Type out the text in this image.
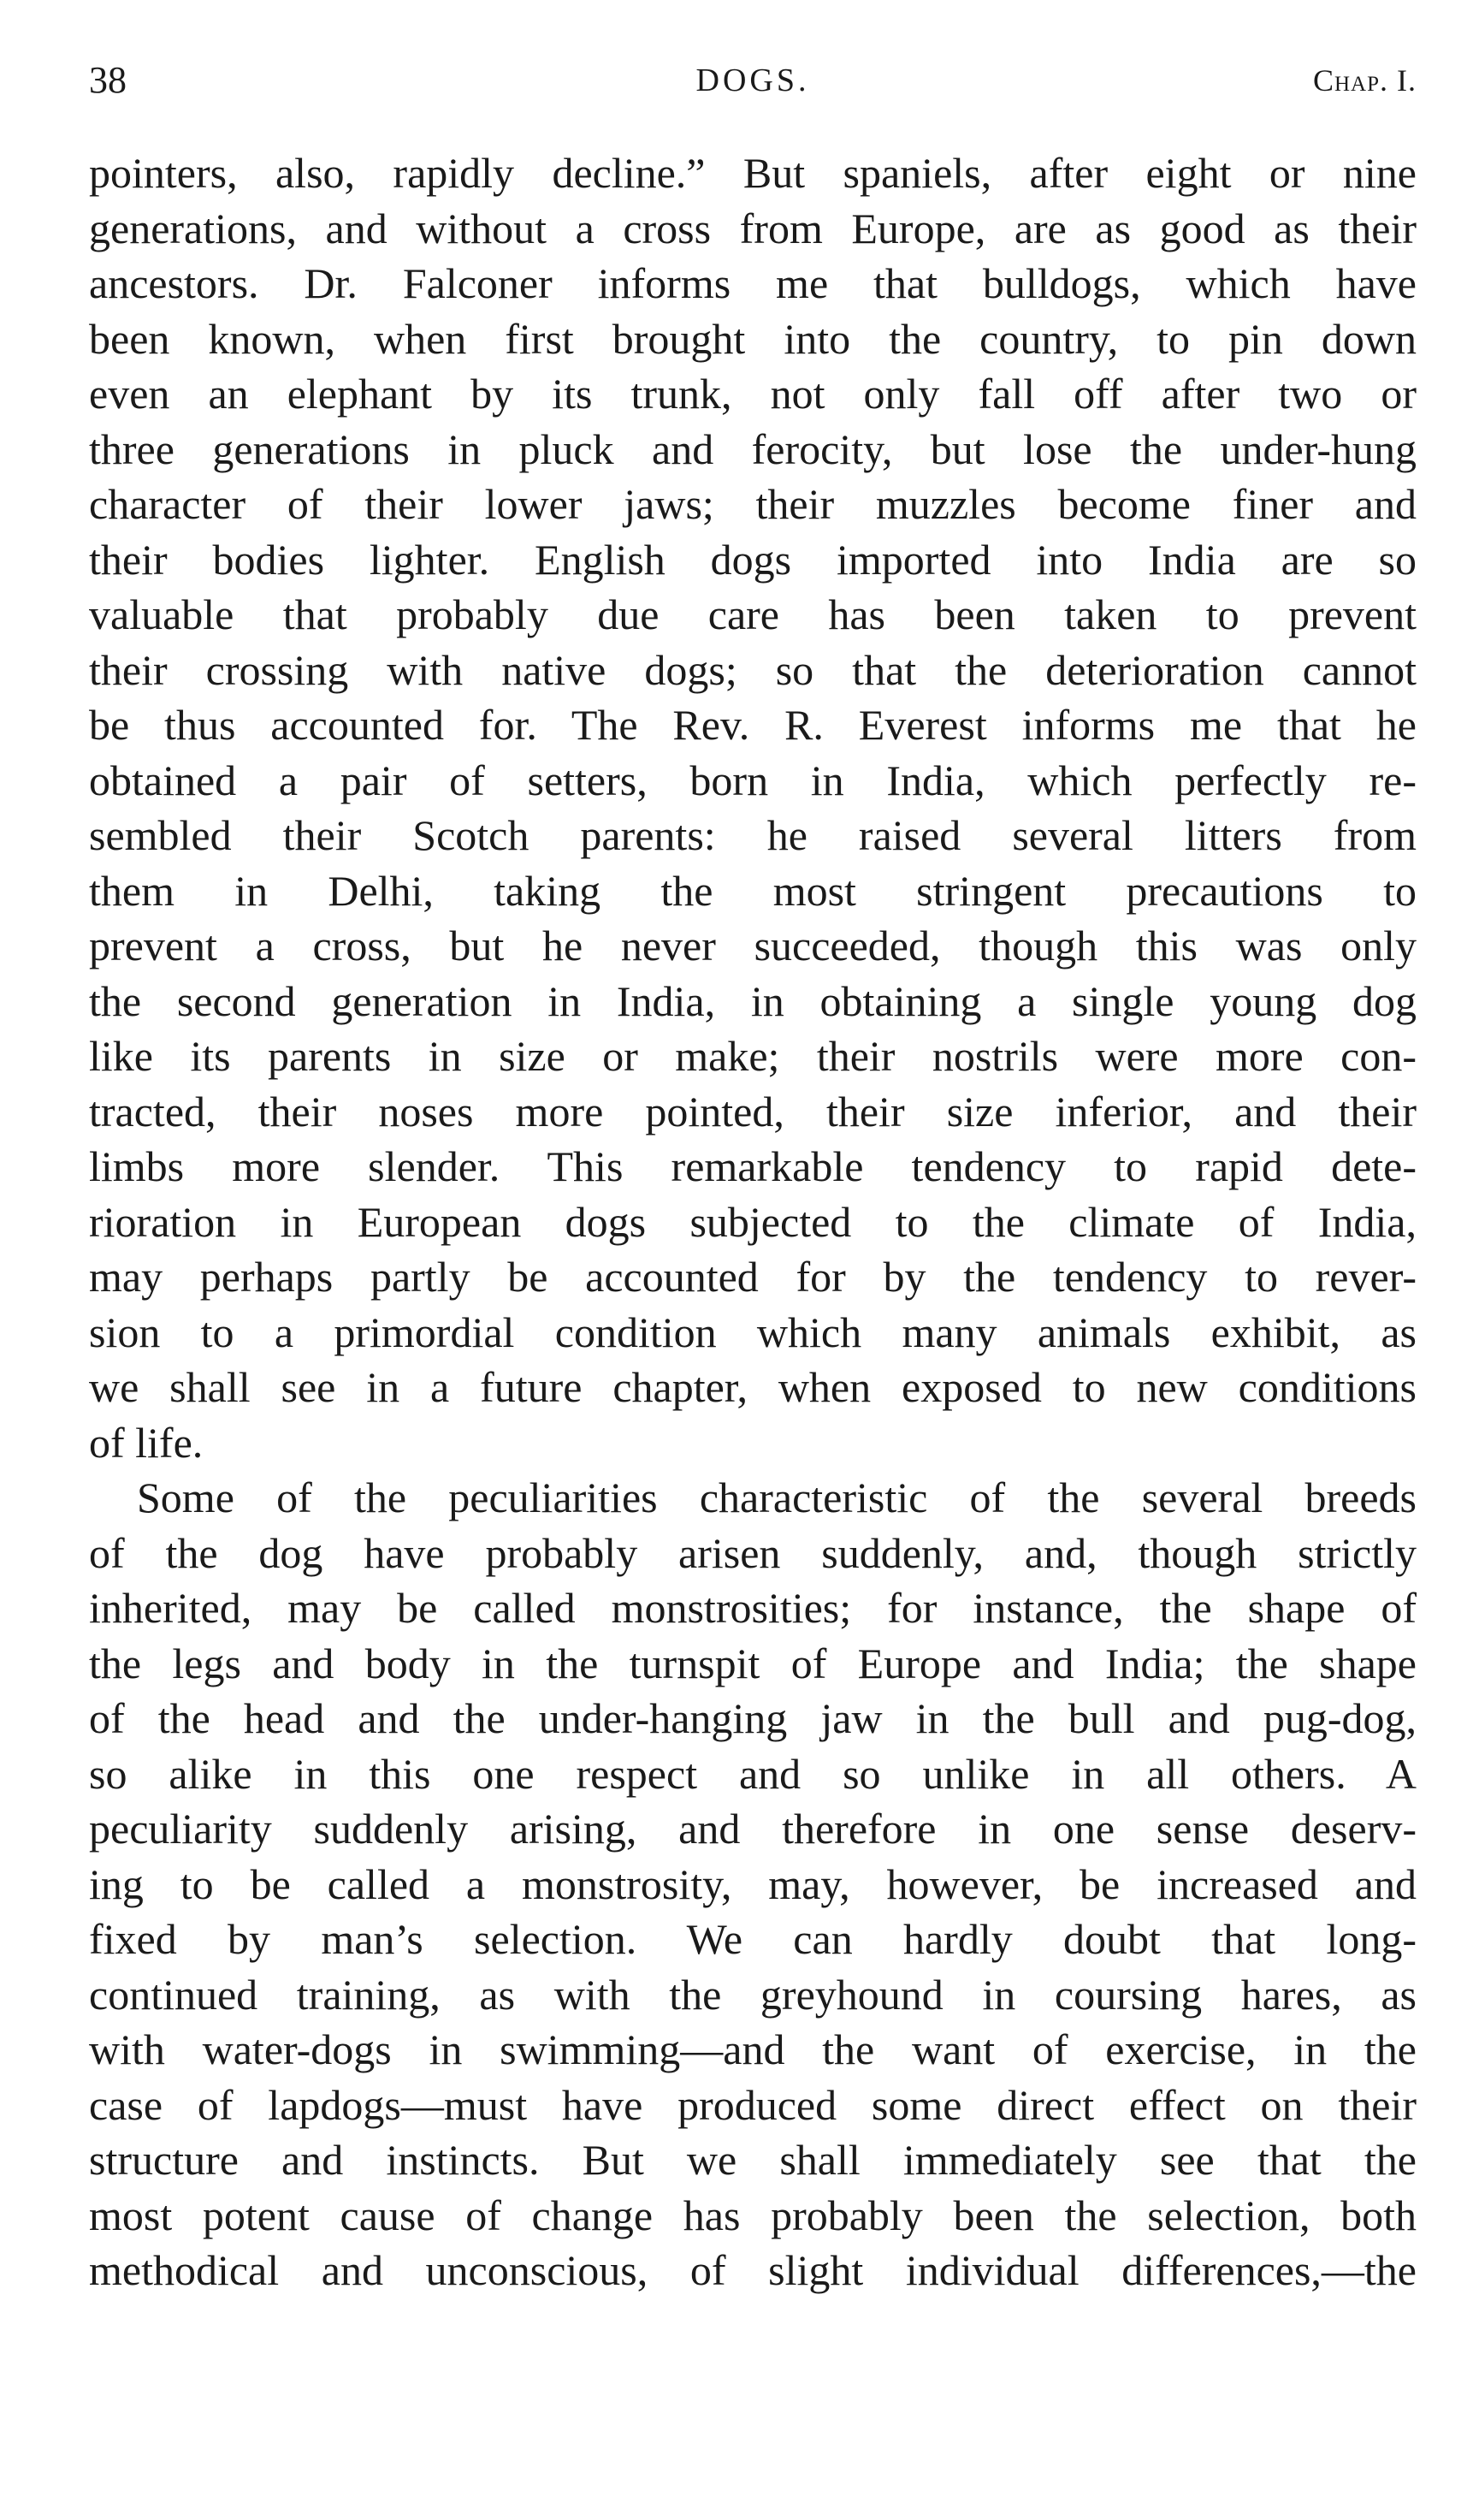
38	DOGS.	Chap. I.
pointers, also, rapidly decline.” But spaniels, after eight or nine
generations, and without a cross from Europe, are as good as their
ancestors. Dr. Falconer informs me that bulldogs, which have
been known, when first brought into the country, to pin down
even an elephant by its trunk, not only fall off after two or
three generations in pluck and ferocity, but lose the under-hung
character of their lower jaws; their muzzles become finer and
their bodies lighter. English dogs imported into India are so
valuable that probably due care has been taken to prevent
their crossing with native dogs; so that the deterioration cannot
be thus accounted for. The Rev. R. Everest informs me that he
obtained a pair of setters, born in India, which perfectly re-
sembled their Scotch parents: he raised several litters from
them in Delhi, taking the most stringent precautions to
prevent a cross, but he never succeeded, though this was only
the second generation in India, in obtaining a single young dog
like its parents in size or make; their nostrils were more con-
tracted, their noses more pointed, their size inferior, and their
limbs more slender. This remarkable tendency to rapid dete-
rioration in European dogs subjected to the climate of India,
may perhaps partly be accounted for by the tendency to rever-
sion to a primordial condition which many animals exhibit, as
we shall see in a future chapter, when exposed to new conditions
of life.
Some of the peculiarities characteristic of the several breeds
of the dog have probably arisen suddenly, and, though strictly
inherited, may be called monstrosities; for instance, the shape of
the legs and body in the turnspit of Europe and India; the shape
of the head and the under-hanging jaw in the bull and pug-dog,
so alike in this one respect and so unlike in all others. A
peculiarity suddenly arising, and therefore in one sense deserv-
ing to be called a monstrosity, may, however, be increased and
fixed by man’s selection. We can hardly doubt that long-
continued training, as with the greyhound in coursing hares, as
with water-dogs in swimming—and the want of exercise, in the
case of lapdogs—must have produced some direct effect on their
structure and instincts. But we shall immediately see that the
most potent cause of change has probably been the selection, both
methodical and unconscious, of slight individual differences,—the
